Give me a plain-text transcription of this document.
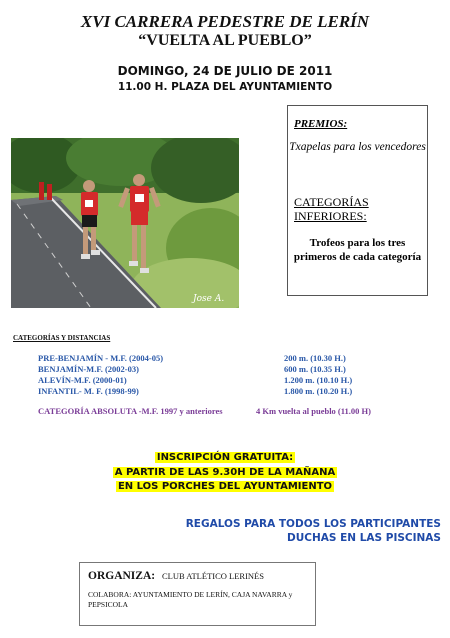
XVI CARRERA PEDESTRE DE LERÍN
“VUELTA AL PUEBLO”
DOMINGO, 24 DE JULIO DE 2011
11.00 H. PLAZA DEL AYUNTAMIENTO
Jose A.
PREMIOS:
Txapelas para los vencedores
CATEGORÍAS INFERIORES:
Trofeos para los tres primeros de cada categoría
CATEGORÍAS Y DISTANCIAS
PRE-BENJAMÍN - M.F. (2004-05)	200 m. (10.30 H.)
BENJAMÍN-M.F. (2002-03)	600 m. (10.35 H.)
ALEVÍN-M.F. (2000-01)	1.200 m. (10.10 H.)
INFANTIL- M. F. (1998-99)	1.800 m. (10.20 H.)
CATEGORÍA ABSOLUTA -M.F. 1997 y anteriores	4 Km vuelta al pueblo (11.00 H)
INSCRIPCIÓN GRATUITA:
A PARTIR DE LAS 9.30H DE LA MAÑANA
EN LOS PORCHES DEL AYUNTAMIENTO
REGALOS PARA TODOS LOS PARTICIPANTES
DUCHAS EN LAS PISCINAS
ORGANIZA: CLUB ATLÉTICO LERINÉS
COLABORA: AYUNTAMIENTO DE LERÍN, CAJA NAVARRA y PEPSICOLA
